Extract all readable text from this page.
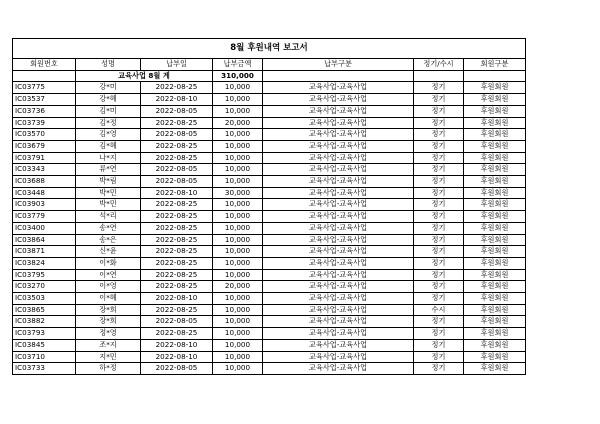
8월 후원내역 보고서						
회원번호	성명	납부일	납부금액	납부구분	정기/수시	회원구분
	교육사업 8월 계		310,000			
IC03775	강*미	2022-08-25	10,000	교육사업-교육사업	정기	후원회원
IC03537	강*혜	2022-08-10	10,000	교육사업-교육사업	정기	후원회원
IC03736	김*미	2022-08-05	10,000	교육사업-교육사업	정기	후원회원
IC03739	김*정	2022-08-25	20,000	교육사업-교육사업	정기	후원회원
IC03570	김*영	2022-08-05	10,000	교육사업-교육사업	정기	후원회원
IC03679	김*혜	2022-08-25	10,000	교육사업-교육사업	정기	후원회원
IC03791	나*지	2022-08-25	10,000	교육사업-교육사업	정기	후원회원
IC03343	류*연	2022-08-05	10,000	교육사업-교육사업	정기	후원회원
IC03688	박*림	2022-08-05	10,000	교육사업-교육사업	정기	후원회원
IC03448	박*민	2022-08-10	30,000	교육사업-교육사업	정기	후원회원
IC03903	박*민	2022-08-25	10,000	교육사업-교육사업	정기	후원회원
IC03779	석*리	2022-08-25	10,000	교육사업-교육사업	정기	후원회원
IC03400	송*연	2022-08-25	10,000	교육사업-교육사업	정기	후원회원
IC03864	송*은	2022-08-25	10,000	교육사업-교육사업	정기	후원회원
IC03871	신*윤	2022-08-25	10,000	교육사업-교육사업	정기	후원회원
IC03824	이*화	2022-08-25	10,000	교육사업-교육사업	정기	후원회원
IC03795	이*연	2022-08-25	10,000	교육사업-교육사업	정기	후원회원
IC03270	이*영	2022-08-25	20,000	교육사업-교육사업	정기	후원회원
IC03503	이*혜	2022-08-10	10,000	교육사업-교육사업	정기	후원회원
IC03865	장*희	2022-08-25	10,000	교육사업-교육사업	수시	후원회원
IC03882	장*희	2022-08-05	10,000	교육사업-교육사업	정기	후원회원
IC03793	정*영	2022-08-25	10,000	교육사업-교육사업	정기	후원회원
IC03845	조*지	2022-08-10	10,000	교육사업-교육사업	정기	후원회원
IC03710	지*민	2022-08-10	10,000	교육사업-교육사업	정기	후원회원
IC03733	하*정	2022-08-05	10,000	교육사업-교육사업	정기	후원회원
